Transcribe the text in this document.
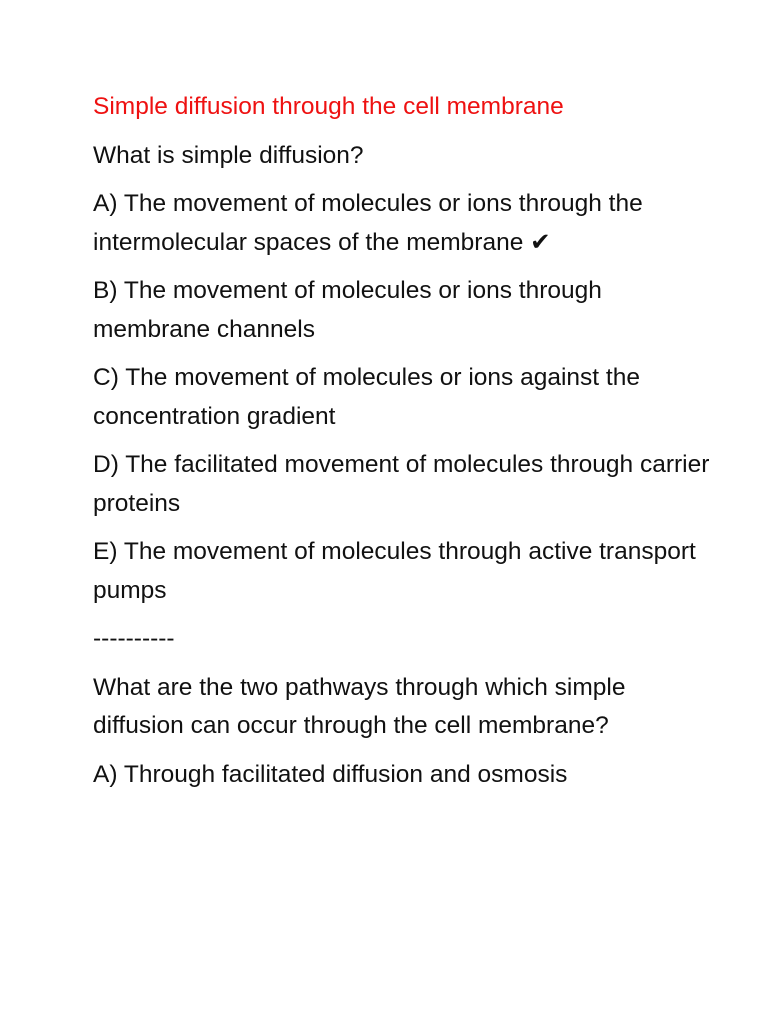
Simple diffusion through the cell membrane
What is simple diffusion?
A) The movement of molecules or ions through the intermolecular spaces of the membrane ✔
B) The movement of molecules or ions through membrane channels
C) The movement of molecules or ions against the concentration gradient
D) The facilitated movement of molecules through carrier proteins
E) The movement of molecules through active transport pumps
----------
What are the two pathways through which simple diffusion can occur through the cell membrane?
A) Through facilitated diffusion and osmosis
